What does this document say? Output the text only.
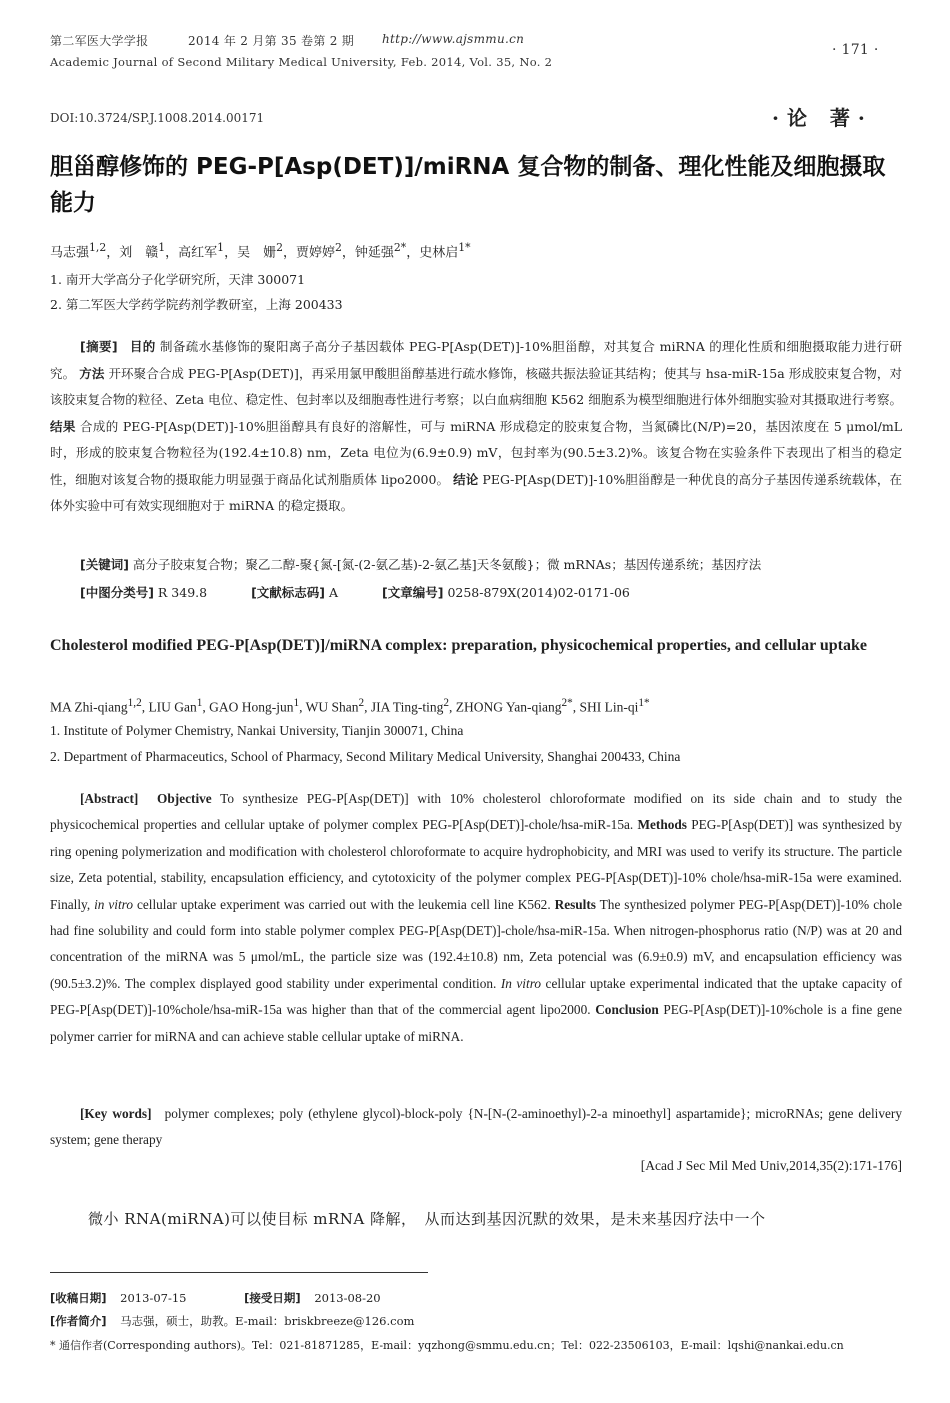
第二军医大学学报	2014 年 2 月第 35 卷第 2 期 http://www.ajsmmu.cn
Academic Journal of Second Military Medical University, Feb. 2014, Vol. 35, No. 2
· 171 ·
DOI:10.3724/SP.J.1008.2014.00171	·论 著·
胆甾醇修饰的 PEG-P[Asp(DET)]/miRNA 复合物的制备、理化性能及细胞摄取能力
马志强$^{1,2}$，刘　赣$^1$，高红军$^1$，吴　姗$^2$，贾婷婷$^2$，钟延强$^{2*}$，史林启$^{1*}$
1. 南开大学高分子化学研究所，天津 300071
2. 第二军医大学药学院药剂学教研室，上海 200433
[摘要] 目的 制备疏水基修饰的聚阳离子高分子基因载体 PEG-P[Asp(DET)]-10%胆甾醇，对其复合 miRNA 的理化性质和细胞摄取能力进行研究。 方法 开环聚合合成 PEG-P[Asp(DET)]，再采用氯甲酸胆甾醇基进行疏水修饰，核磁共振法验证其结构；使其与 hsa-miR-15a 形成胶束复合物，对该胶束复合物的粒径、Zeta 电位、稳定性、包封率以及细胞毒性进行考察；以白血病细胞 K562 细胞系为模型细胞进行体外细胞实验对其摄取进行考察。 结果 合成的 PEG-P[Asp(DET)]-10%胆甾醇具有良好的溶解性，可与 miRNA 形成稳定的胶束复合物，当氮磷比(N/P)=20，基因浓度在 5 μmol/mL 时，形成的胶束复合物粒径为(192.4±10.8) nm，Zeta 电位为(6.9±0.9) mV，包封率为(90.5±3.2)%。该复合物在实验条件下表现出了相当的稳定性，细胞对该复合物的摄取能力明显强于商品化试剂脂质体 lipo2000。 结论 PEG-P[Asp(DET)]-10%胆甾醇是一种优良的高分子基因传递系统载体，在体外实验中可有效实现细胞对于 miRNA 的稳定摄取。
[关键词] 高分子胶束复合物；聚乙二醇-聚{氮-[氮-(2-氨乙基)-2-氨乙基]天冬氨酸}；微 mRNAs；基因传递系统；基因疗法
[中图分类号] R 349.8	[文献标志码] A	[文章编号] 0258-879X(2014)02-0171-06
Cholesterol modified PEG-P[Asp(DET)]/miRNA complex: preparation, physicochemical properties, and cellular uptake
MA Zhi-qiang$^{1,2}$, LIU Gan$^1$, GAO Hong-jun$^1$, WU Shan$^2$, JIA Ting-ting$^2$, ZHONG Yan-qiang$^{2*}$, SHI Lin-$qi^{1*}$
1. Institute of Polymer Chemistry, Nankai University, Tianjin 300071, China
2. Department of Pharmaceutics, School of Pharmacy, Second Military Medical University, Shanghai 200433, China
[Abstract] Objective To synthesize PEG-P[Asp(DET)] with 10% cholesterol chloroformate modified on its side chain and to study the physicochemical properties and cellular uptake of polymer complex PEG-P[Asp(DET)]-chole/hsa-miR-15a. Methods PEG-P[Asp(DET)] was synthesized by ring opening polymerization and modification with cholesterol chloroformate to acquire hydrophobicity, and MRI was used to verify its structure. The particle size, Zeta potential, stability, encapsulation efficiency, and cytotoxicity of the polymer complex PEG-P[Asp(DET)]-10% chole/hsa-miR-15a were examined. Finally, in vitro cellular uptake experiment was carried out with the leukemia cell line K562. Results The synthesized polymer PEG-P[Asp(DET)]-10% chole had fine solubility and could form into stable polymer complex PEG-P[Asp(DET)]-chole/hsa-miR-15a. When nitrogen-phosphorus ratio (N/P) was at 20 and concentration of the miRNA was 5 μmol/mL, the particle size was (192.4±10.8) nm, Zeta potencial was (6.9±0.9) mV, and encapsulation efficiency was (90.5±3.2)%. The complex displayed good stability under experimental condition. In vitro cellular uptake experimental indicated that the uptake capacity of PEG-P[Asp(DET)]-10%chole/hsa-miR-15a was higher than that of the commercial agent lipo2000. Conclusion PEG-P[Asp(DET)]-10%chole is a fine gene polymer carrier for miRNA and can achieve stable cellular uptake of miRNA.
[Key words] polymer complexes; poly (ethylene glycol)-block-poly {N-[N-(2-aminoethyl)-2-a minoethyl] aspartamide}; microRNAs; gene delivery system; gene therapy
[Acad J Sec Mil Med Univ,2014,35(2):171-176]
微小 RNA(miRNA)可以使目标 mRNA 降解，　从而达到基因沉默的效果，是未来基因疗法中一个
[收稿日期] 2013-07-15	[接受日期] 2013-08-20
[作者简介] 马志强，硕士，助教。E-mail：briskbreeze@126.com
* 通信作者(Corresponding authors)。Tel：021-81871285，E-mail：yqzhong@smmu.edu.cn；Tel：022-23506103，E-mail：lqshi@nankai.edu.cn
